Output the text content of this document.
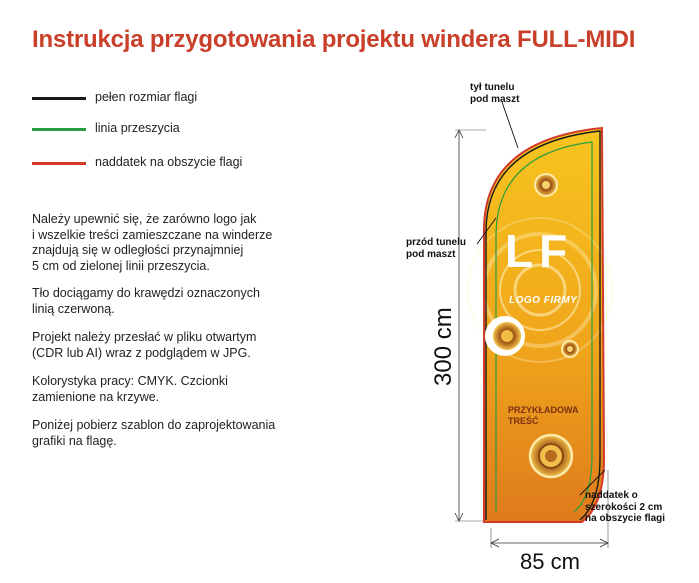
Instrukcja przygotowania projektu windera FULL-MIDI
pełen rozmiar flagi
linia przeszycia
naddatek na obszycie flagi

Należy upewnić się, że zarówno logo jak
i wszelkie treści zamieszczane na winderze
znajdują się w odległości przynajmniej
5 cm od zielonej linii przeszycia.

Tło dociągamy do krawędzi oznaczonych
linią czerwoną.

Projekt należy przesłać w pliku otwartym
(CDR lub AI) wraz z podglądem w JPG.

Kolorystyka pracy: CMYK. Czcionki
zamienione na krzywe.

Poniżej pobierz szablon do zaprojektowania
grafiki na flagę.

LF
LOGO FIRMY
PRZYKŁADOWA
TREŚĆ
tył tunelu
pod maszt
przód tunelu
pod maszt
naddatek o
szerokości 2 cm
na obszycie flagi
300 cm
85 cm
